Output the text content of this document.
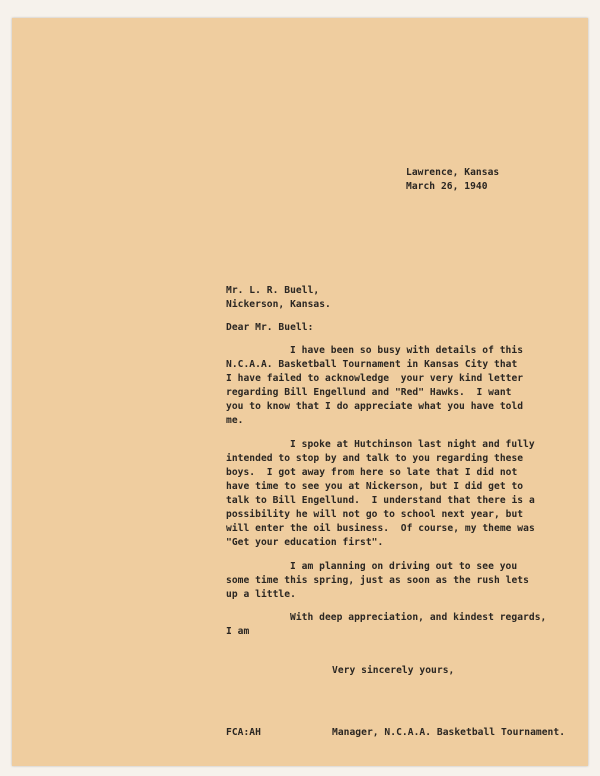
Lawrence, Kansas
March 26, 1940
Mr. L. R. Buell,
Nickerson, Kansas.
Dear Mr. Buell:
I have been so busy with details of this
N.C.A.A. Basketball Tournament in Kansas City that
I have failed to acknowledge  your very kind letter
regarding Bill Engellund and "Red" Hawks.  I want
you to know that I do appreciate what you have told
me.
I spoke at Hutchinson last night and fully
intended to stop by and talk to you regarding these
boys.  I got away from here so late that I did not
have time to see you at Nickerson, but I did get to
talk to Bill Engellund.  I understand that there is a
possibility he will not go to school next year, but
will enter the oil business.  Of course, my theme was
"Get your education first".
I am planning on driving out to see you
some time this spring, just as soon as the rush lets
up a little.
With deep appreciation, and kindest regards,
I am
Very sincerely yours,
FCA:AH	Manager, N.C.A.A. Basketball Tournament.
